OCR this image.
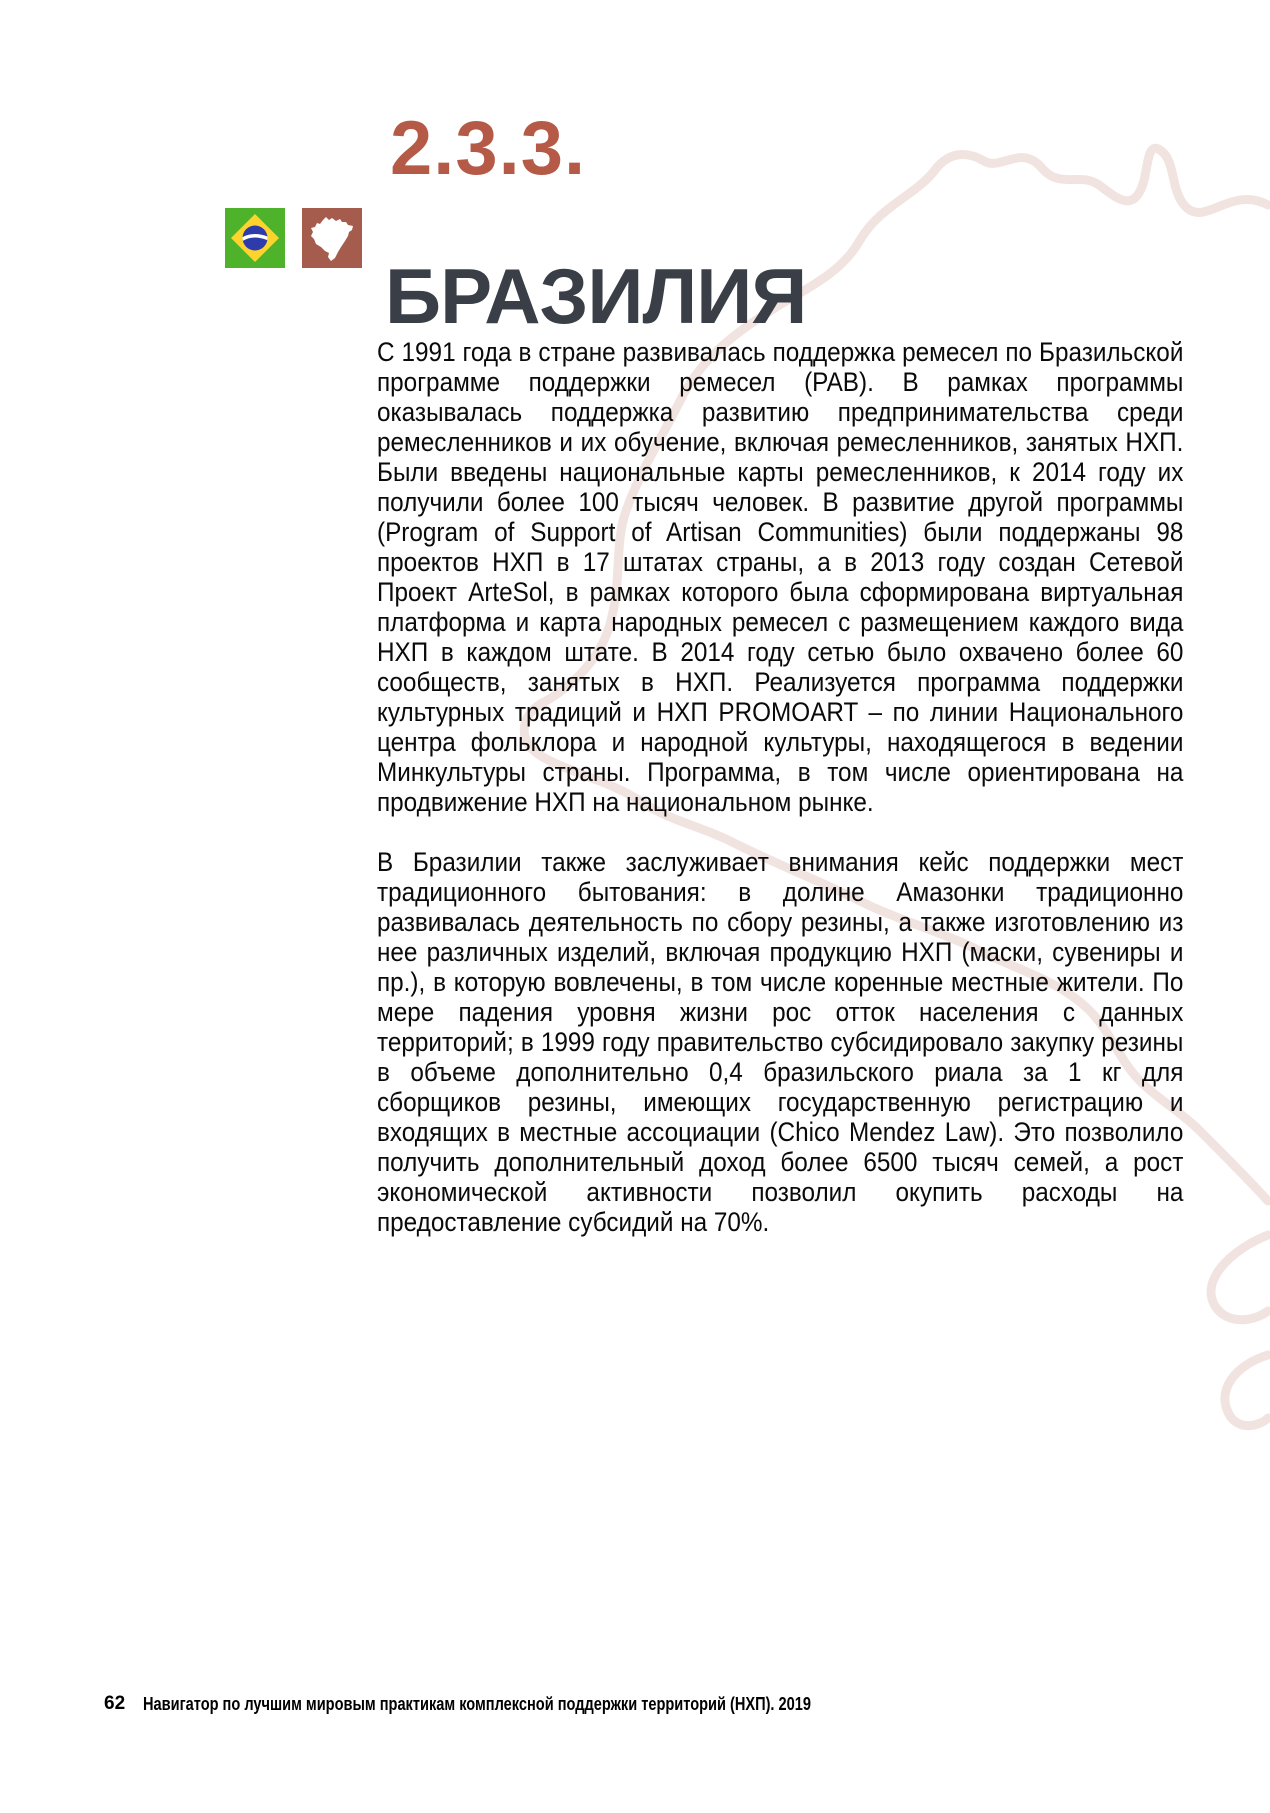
2.3.3.
БРАЗИЛИЯ

С 1991 года в стране развивалась поддержка ремесел по Бразильской программе поддержки ремесел (PAB). В рамках программы оказывалась поддержка развитию предпринимательства среди ремесленников и их обучение, включая ремесленников, занятых НХП. Были введены национальные карты ремесленников, к 2014 году их получили более 100 тысяч человек. В развитие другой программы (Program of Support of Artisan Communities) были поддержаны 98 проектов НХП в 17 штатах страны, а в 2013 году создан Сетевой Проект ArteSol, в рамках которого была сформирована виртуальная платформа и карта народных ремесел с размещением каждого вида НХП в каждом штате. В 2014 году сетью было охвачено более 60 сообществ, занятых в НХП. Реализуется программа поддержки культурных традиций и НХП PROMOART – по линии Национального центра фольклора и народной культуры, находящегося в ведении Минкультуры страны. Программа, в том числе ориентирована на продвижение НХП на национальном рынке.

В Бразилии также заслуживает внимания кейс поддержки мест традиционного бытования: в долине Амазонки традиционно развивалась деятельность по сбору резины, а также изготовлению из нее различных изделий, включая продукцию НХП (маски, сувениры и пр.), в которую вовлечены, в том числе коренные местные жители. По мере падения уровня жизни рос отток населения с данных территорий; в 1999 году правительство субсидировало закупку резины в объеме дополнительно 0,4 бразильского риала за 1 кг для сборщиков резины, имеющих государственную регистрацию и входящих в местные ассоциации (Chico Mendez Law). Это позволило получить дополнительный доход более 6500 тысяч семей, а рост экономической активности позволил окупить расходы на предоставление субсидий на 70%.

62 Навигатор по лучшим мировым практикам комплексной поддержки территорий (НХП). 2019
